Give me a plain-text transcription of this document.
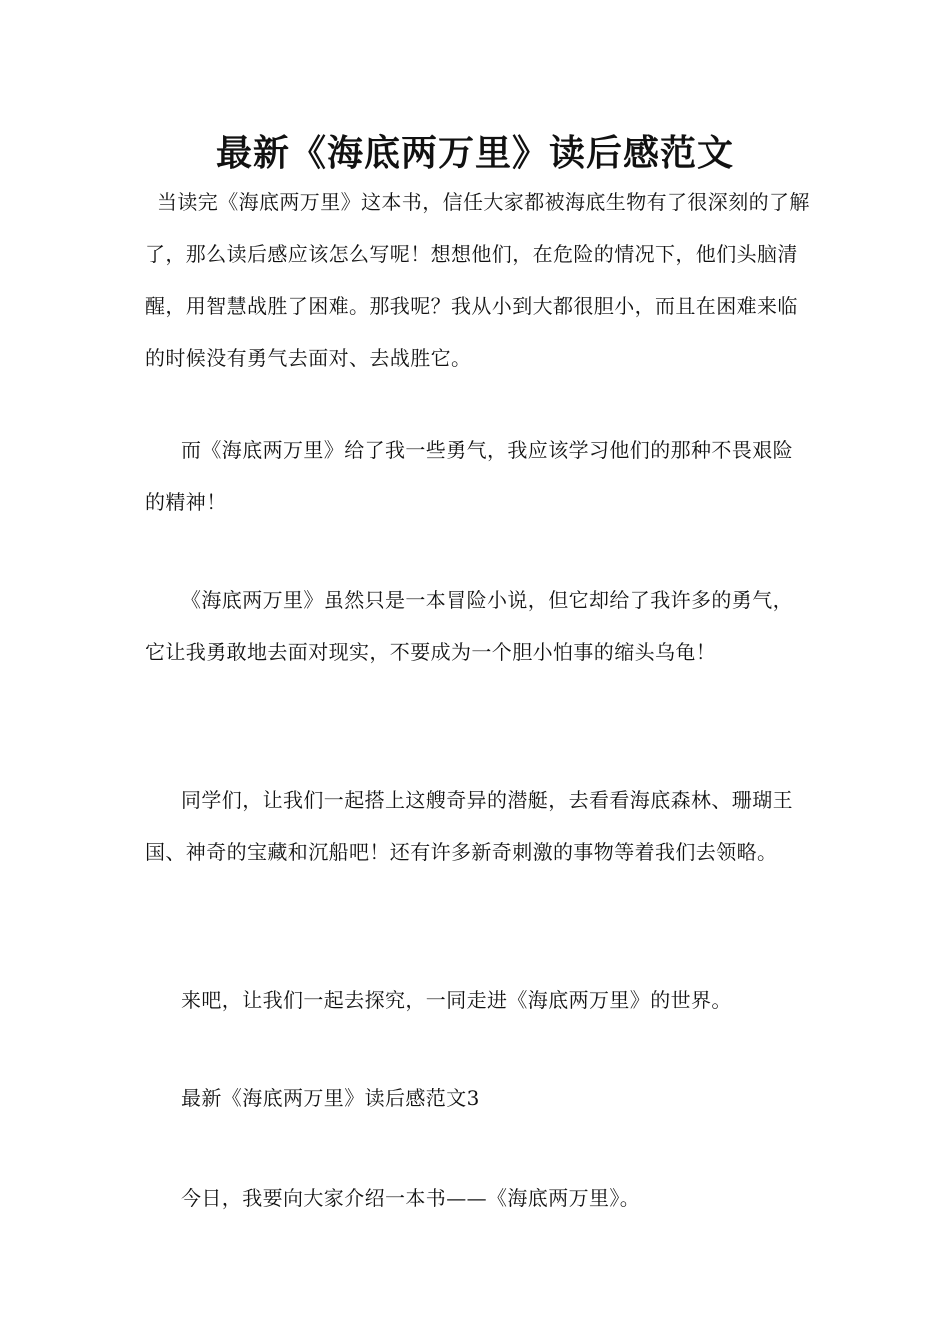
最新《海底两万里》读后感范文

当读完《海底两万里》这本书，信任大家都被海底生物有了很深刻的了解了，那么读后感应该怎么写呢！想想他们，在危险的情况下，他们头脑清醒，用智慧战胜了困难。那我呢？我从小到大都很胆小，而且在困难来临的时候没有勇气去面对、去战胜它。

而《海底两万里》给了我一些勇气，我应该学习他们的那种不畏艰险的精神！

《海底两万里》虽然只是一本冒险小说，但它却给了我许多的勇气，它让我勇敢地去面对现实，不要成为一个胆小怕事的缩头乌龟！

同学们，让我们一起搭上这艘奇异的潜艇，去看看海底森林、珊瑚王国、神奇的宝藏和沉船吧！还有许多新奇刺激的事物等着我们去领略。

来吧，让我们一起去探究，一同走进《海底两万里》的世界。

最新《海底两万里》读后感范文3

今日，我要向大家介绍一本书——《海底两万里》。
